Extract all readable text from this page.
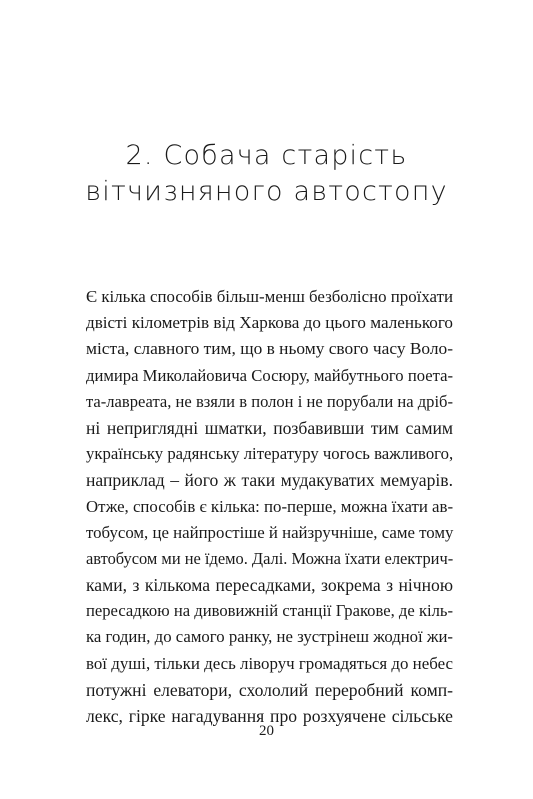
2. Собача старість
вітчизняного автостопу
Є кілька способів більш-менш безболісно проїхати
двісті кілометрів від Харкова до цього маленького
міста, славного тим, що в ньому свого часу Воло-
димира Миколайовича Сосюру, майбутнього поета-
та-лавреата, не взяли в полон і не порубали на дріб-
ні неприглядні шматки, позбавивши тим самим
українську радянську літературу чогось важливого,
наприклад – його ж таки мудакуватих мемуарів.
Отже, способів є кілька: по-перше, можна їхати ав-
тобусом, це найпростіше й найзручніше, саме тому
автобусом ми не їдемо. Далі. Можна їхати електрич-
ками, з кількома пересадками, зокрема з нічною
пересадкою на дивовижній станції Гракове, де кіль-
ка годин, до самого ранку, не зустрінеш жодної жи-
вої душі, тільки десь ліворуч громадяться до небес
потужні елеватори, схололий переробний комп-
лекс, гірке нагадування про розхуячене сільське
20
